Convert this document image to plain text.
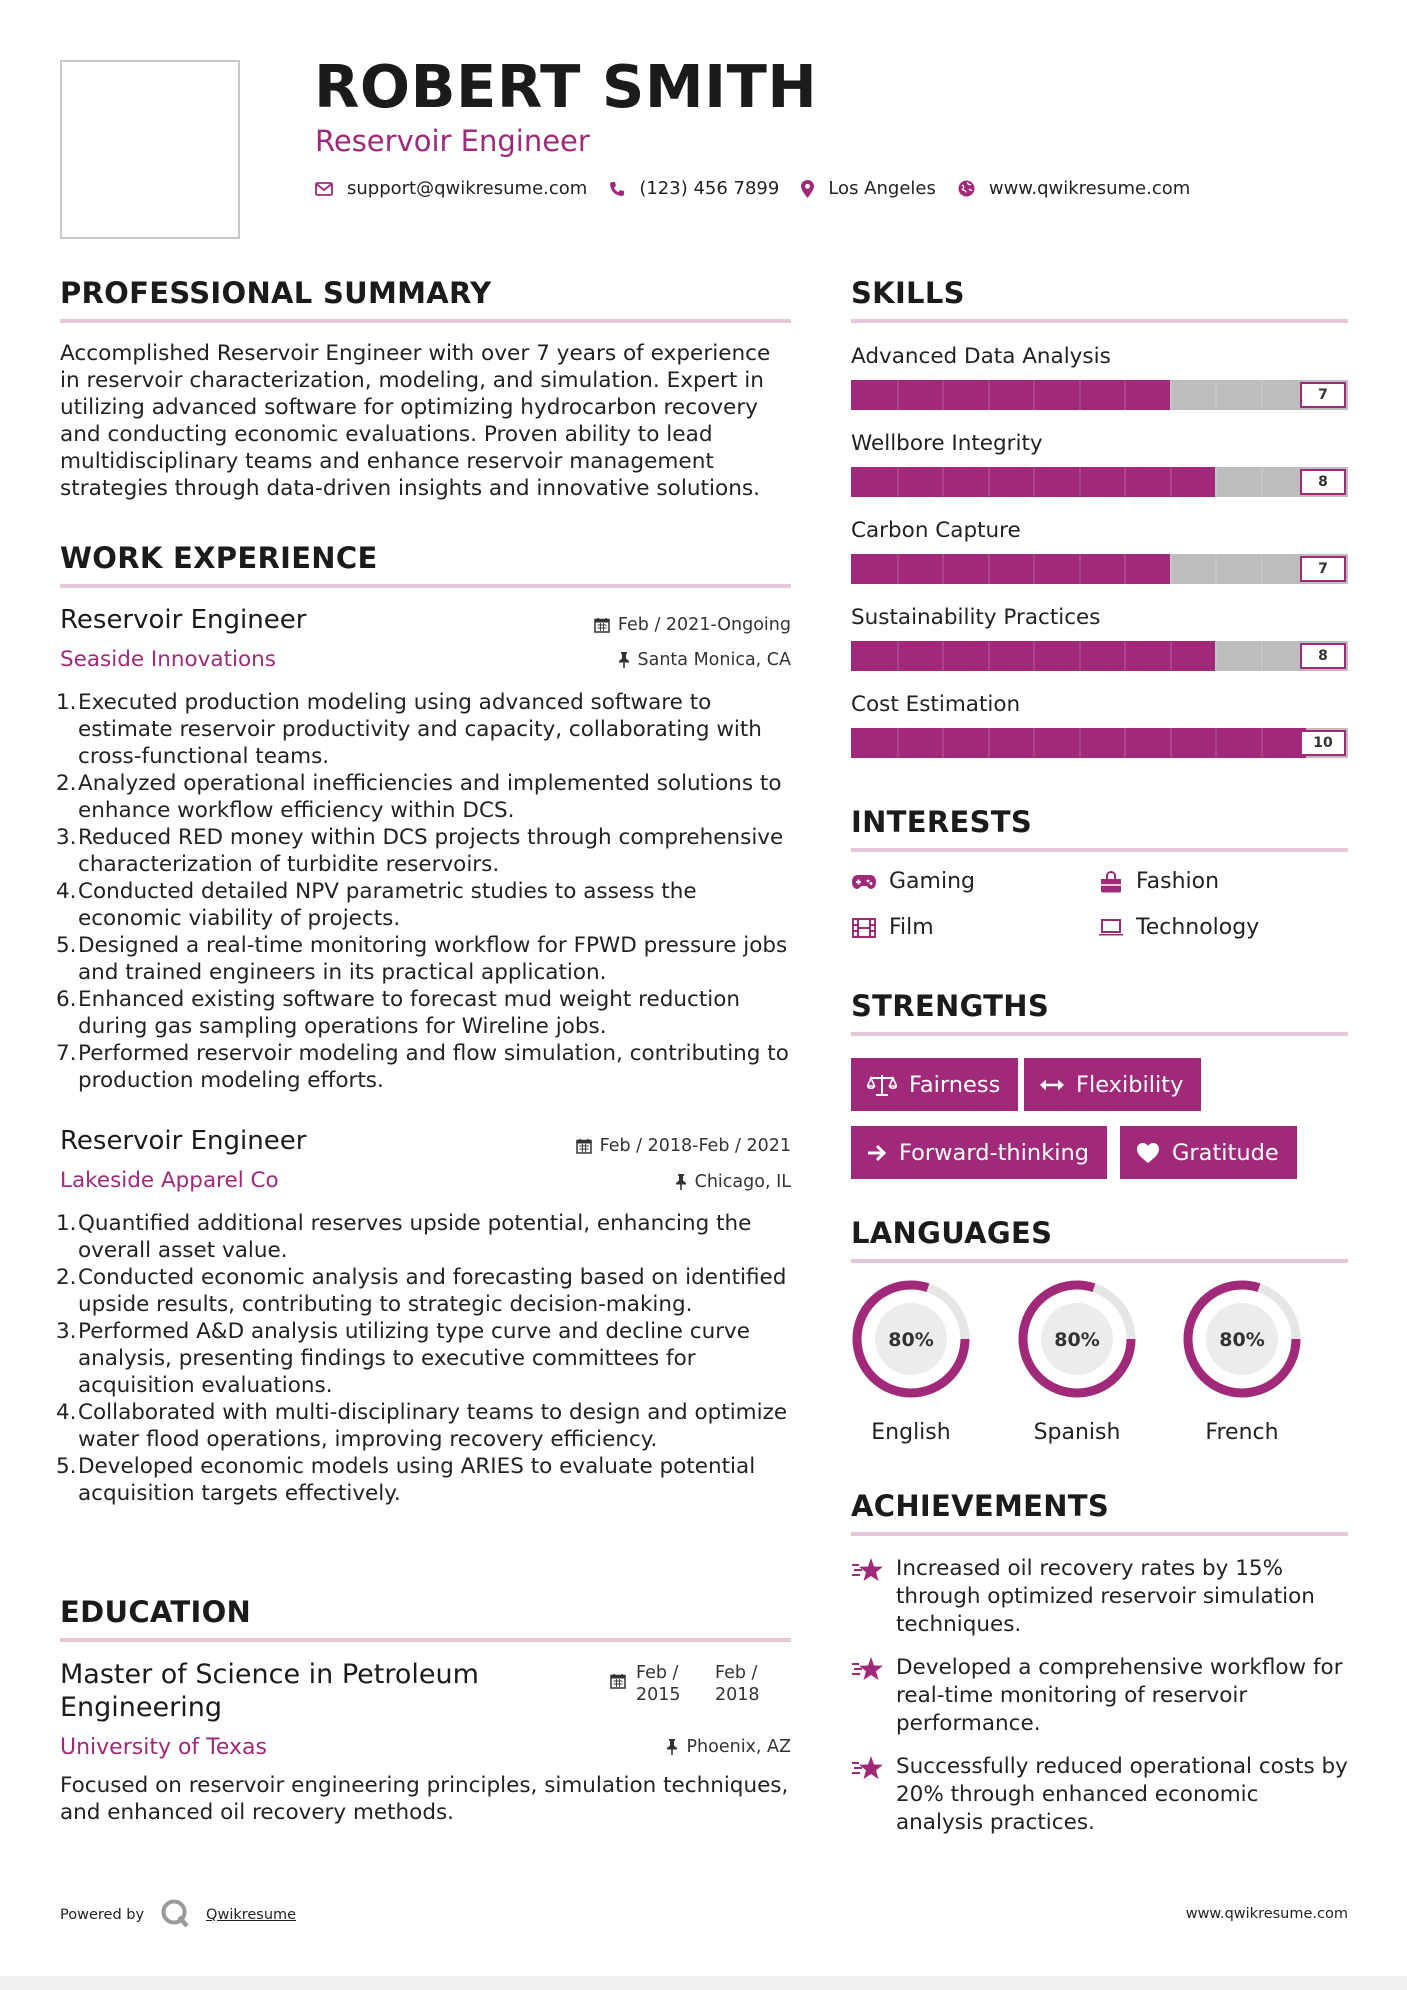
ROBERT SMITH
Reservoir Engineer
support@qwikresume.com	(123) 456 7899	Los Angeles	www.qwikresume.com
PROFESSIONAL SUMMARY
Accomplished Reservoir Engineer with over 7 years of experience in reservoir characterization, modeling, and simulation. Expert in utilizing advanced software for optimizing hydrocarbon recovery and conducting economic evaluations. Proven ability to lead multidisciplinary teams and enhance reservoir management strategies through data-driven insights and innovative solutions.
WORK EXPERIENCE
Reservoir Engineer	Feb / 2021-Ongoing
Seaside Innovations	Santa Monica, CA
1. Executed production modeling using advanced software to estimate reservoir productivity and capacity, collaborating with cross-functional teams.
2. Analyzed operational inefficiencies and implemented solutions to enhance workflow efficiency within DCS.
3. Reduced RED money within DCS projects through comprehensive characterization of turbidite reservoirs.
4. Conducted detailed NPV parametric studies to assess the economic viability of projects.
5. Designed a real-time monitoring workflow for FPWD pressure jobs and trained engineers in its practical application.
6. Enhanced existing software to forecast mud weight reduction during gas sampling operations for Wireline jobs.
7. Performed reservoir modeling and flow simulation, contributing to production modeling efforts.
Reservoir Engineer	Feb / 2018-Feb / 2021
Lakeside Apparel Co	Chicago, IL
1. Quantified additional reserves upside potential, enhancing the overall asset value.
2. Conducted economic analysis and forecasting based on identified upside results, contributing to strategic decision-making.
3. Performed A&D analysis utilizing type curve and decline curve analysis, presenting findings to executive committees for acquisition evaluations.
4. Collaborated with multi-disciplinary teams to design and optimize water flood operations, improving recovery efficiency.
5. Developed economic models using ARIES to evaluate potential acquisition targets effectively.
EDUCATION
Master of Science in Petroleum Engineering
Feb / 2015
Feb / 2018
University of Texas	Phoenix, AZ
Focused on reservoir engineering principles, simulation techniques, and enhanced oil recovery methods.
SKILLS
Advanced Data Analysis
7
Wellbore Integrity
8
Carbon Capture
7
Sustainability Practices
8
Cost Estimation
10
INTERESTS
Gaming	Fashion
Film	Technology
STRENGTHS
Fairness	Flexibility
Forward-thinking	Gratitude
LANGUAGES
80%
English
80%
Spanish
80%
French
ACHIEVEMENTS
Increased oil recovery rates by 15% through optimized reservoir simulation techniques.
Developed a comprehensive workflow for real-time monitoring of reservoir performance.
Successfully reduced operational costs by 20% through enhanced economic analysis practices.
Powered by	Qwikresume	www.qwikresume.com
